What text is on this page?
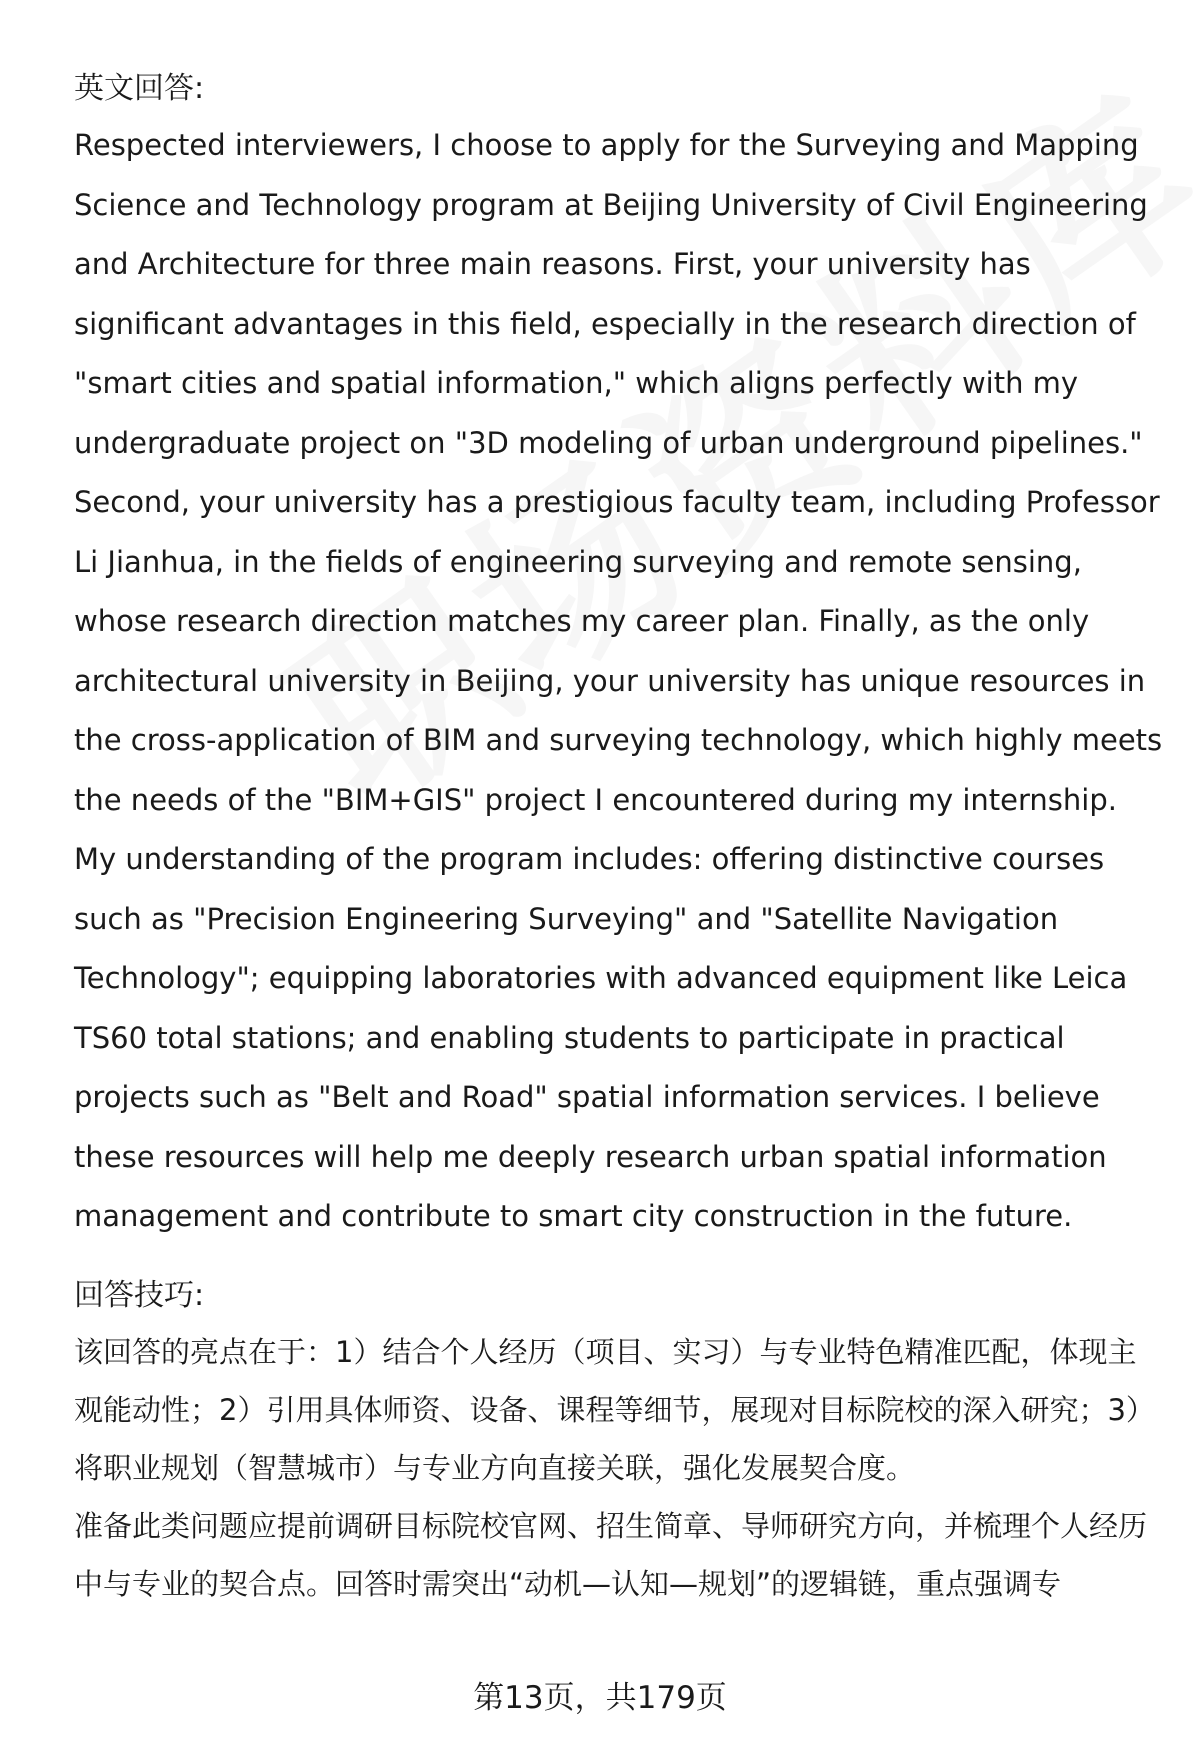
英文回答:

Respected interviewers, I choose to apply for the Surveying and Mapping Science and Technology program at Beijing University of Civil Engineering and Architecture for three main reasons. First, your university has significant advantages in this field, especially in the research direction of "smart cities and spatial information," which aligns perfectly with my undergraduate project on "3D modeling of urban underground pipelines." Second, your university has a prestigious faculty team, including Professor Li Jianhua, in the fields of engineering surveying and remote sensing, whose research direction matches my career plan. Finally, as the only architectural university in Beijing, your university has unique resources in the cross-application of BIM and surveying technology, which highly meets the needs of the "BIM+GIS" project I encountered during my internship. My understanding of the program includes: offering distinctive courses such as "Precision Engineering Surveying" and "Satellite Navigation Technology"; equipping laboratories with advanced equipment like Leica TS60 total stations; and enabling students to participate in practical projects such as "Belt and Road" spatial information services. I believe these resources will help me deeply research urban spatial information management and contribute to smart city construction in the future.

回答技巧:

该回答的亮点在于：1）结合个人经历（项目、实习）与专业特色精准匹配，体现主观能动性；2）引用具体师资、设备、课程等细节，展现对目标院校的深入研究；3）将职业规划（智慧城市）与专业方向直接关联，强化发展契合度。

准备此类问题应提前调研目标院校官网、招生简章、导师研究方向，并梳理个人经历中与专业的契合点。回答时需突出“动机—认知—规划”的逻辑链，重点强调专

第13页，共179页
